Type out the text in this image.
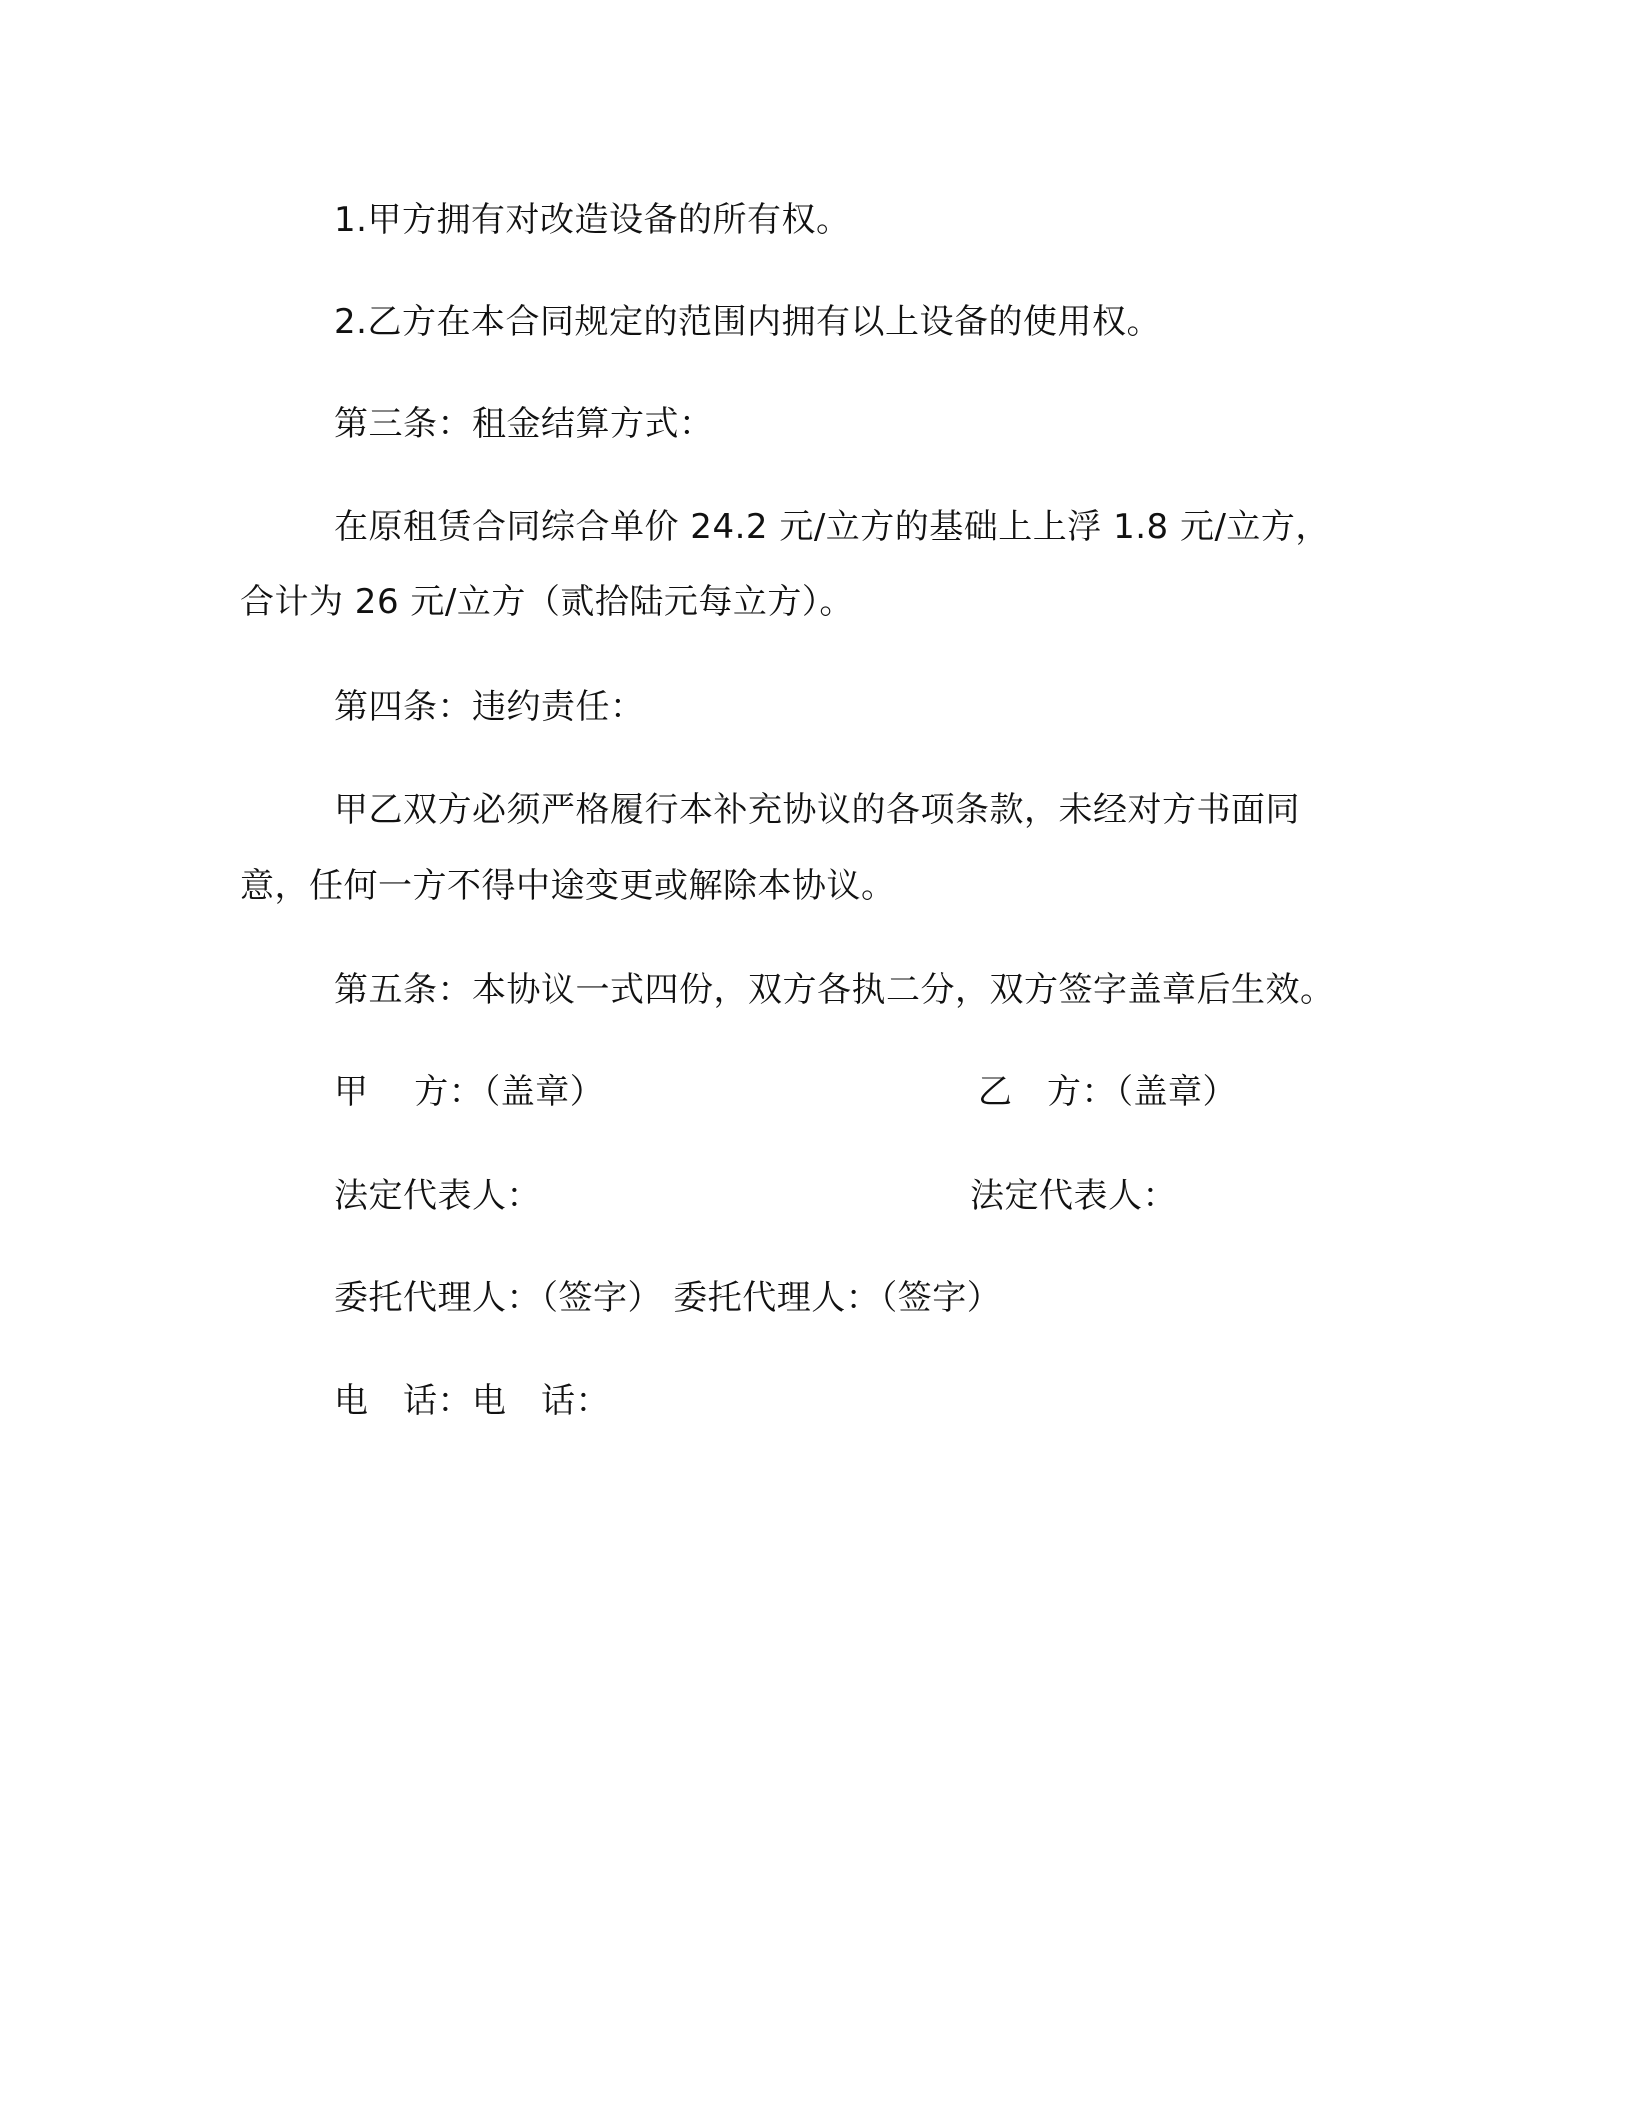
1.甲方拥有对改造设备的所有权。
2.乙方在本合同规定的范围内拥有以上设备的使用权。
第三条：租金结算方式：
在原租赁合同综合单价 24.2 元/立方的基础上上浮 1.8 元/立方，
合计为 26 元/立方（贰拾陆元每立方）。
第四条：违约责任：
甲乙双方必须严格履行本补充协议的各项条款，未经对方书面同
意，任何一方不得中途变更或解除本协议。
第五条：本协议一式四份，双方各执二分，双方签字盖章后生效。
甲　 方：（盖章）	乙　方：（盖章）
法定代表人：	法定代表人：
委托代理人：（签字） 委托代理人：（签字）
电　话：电　话：
